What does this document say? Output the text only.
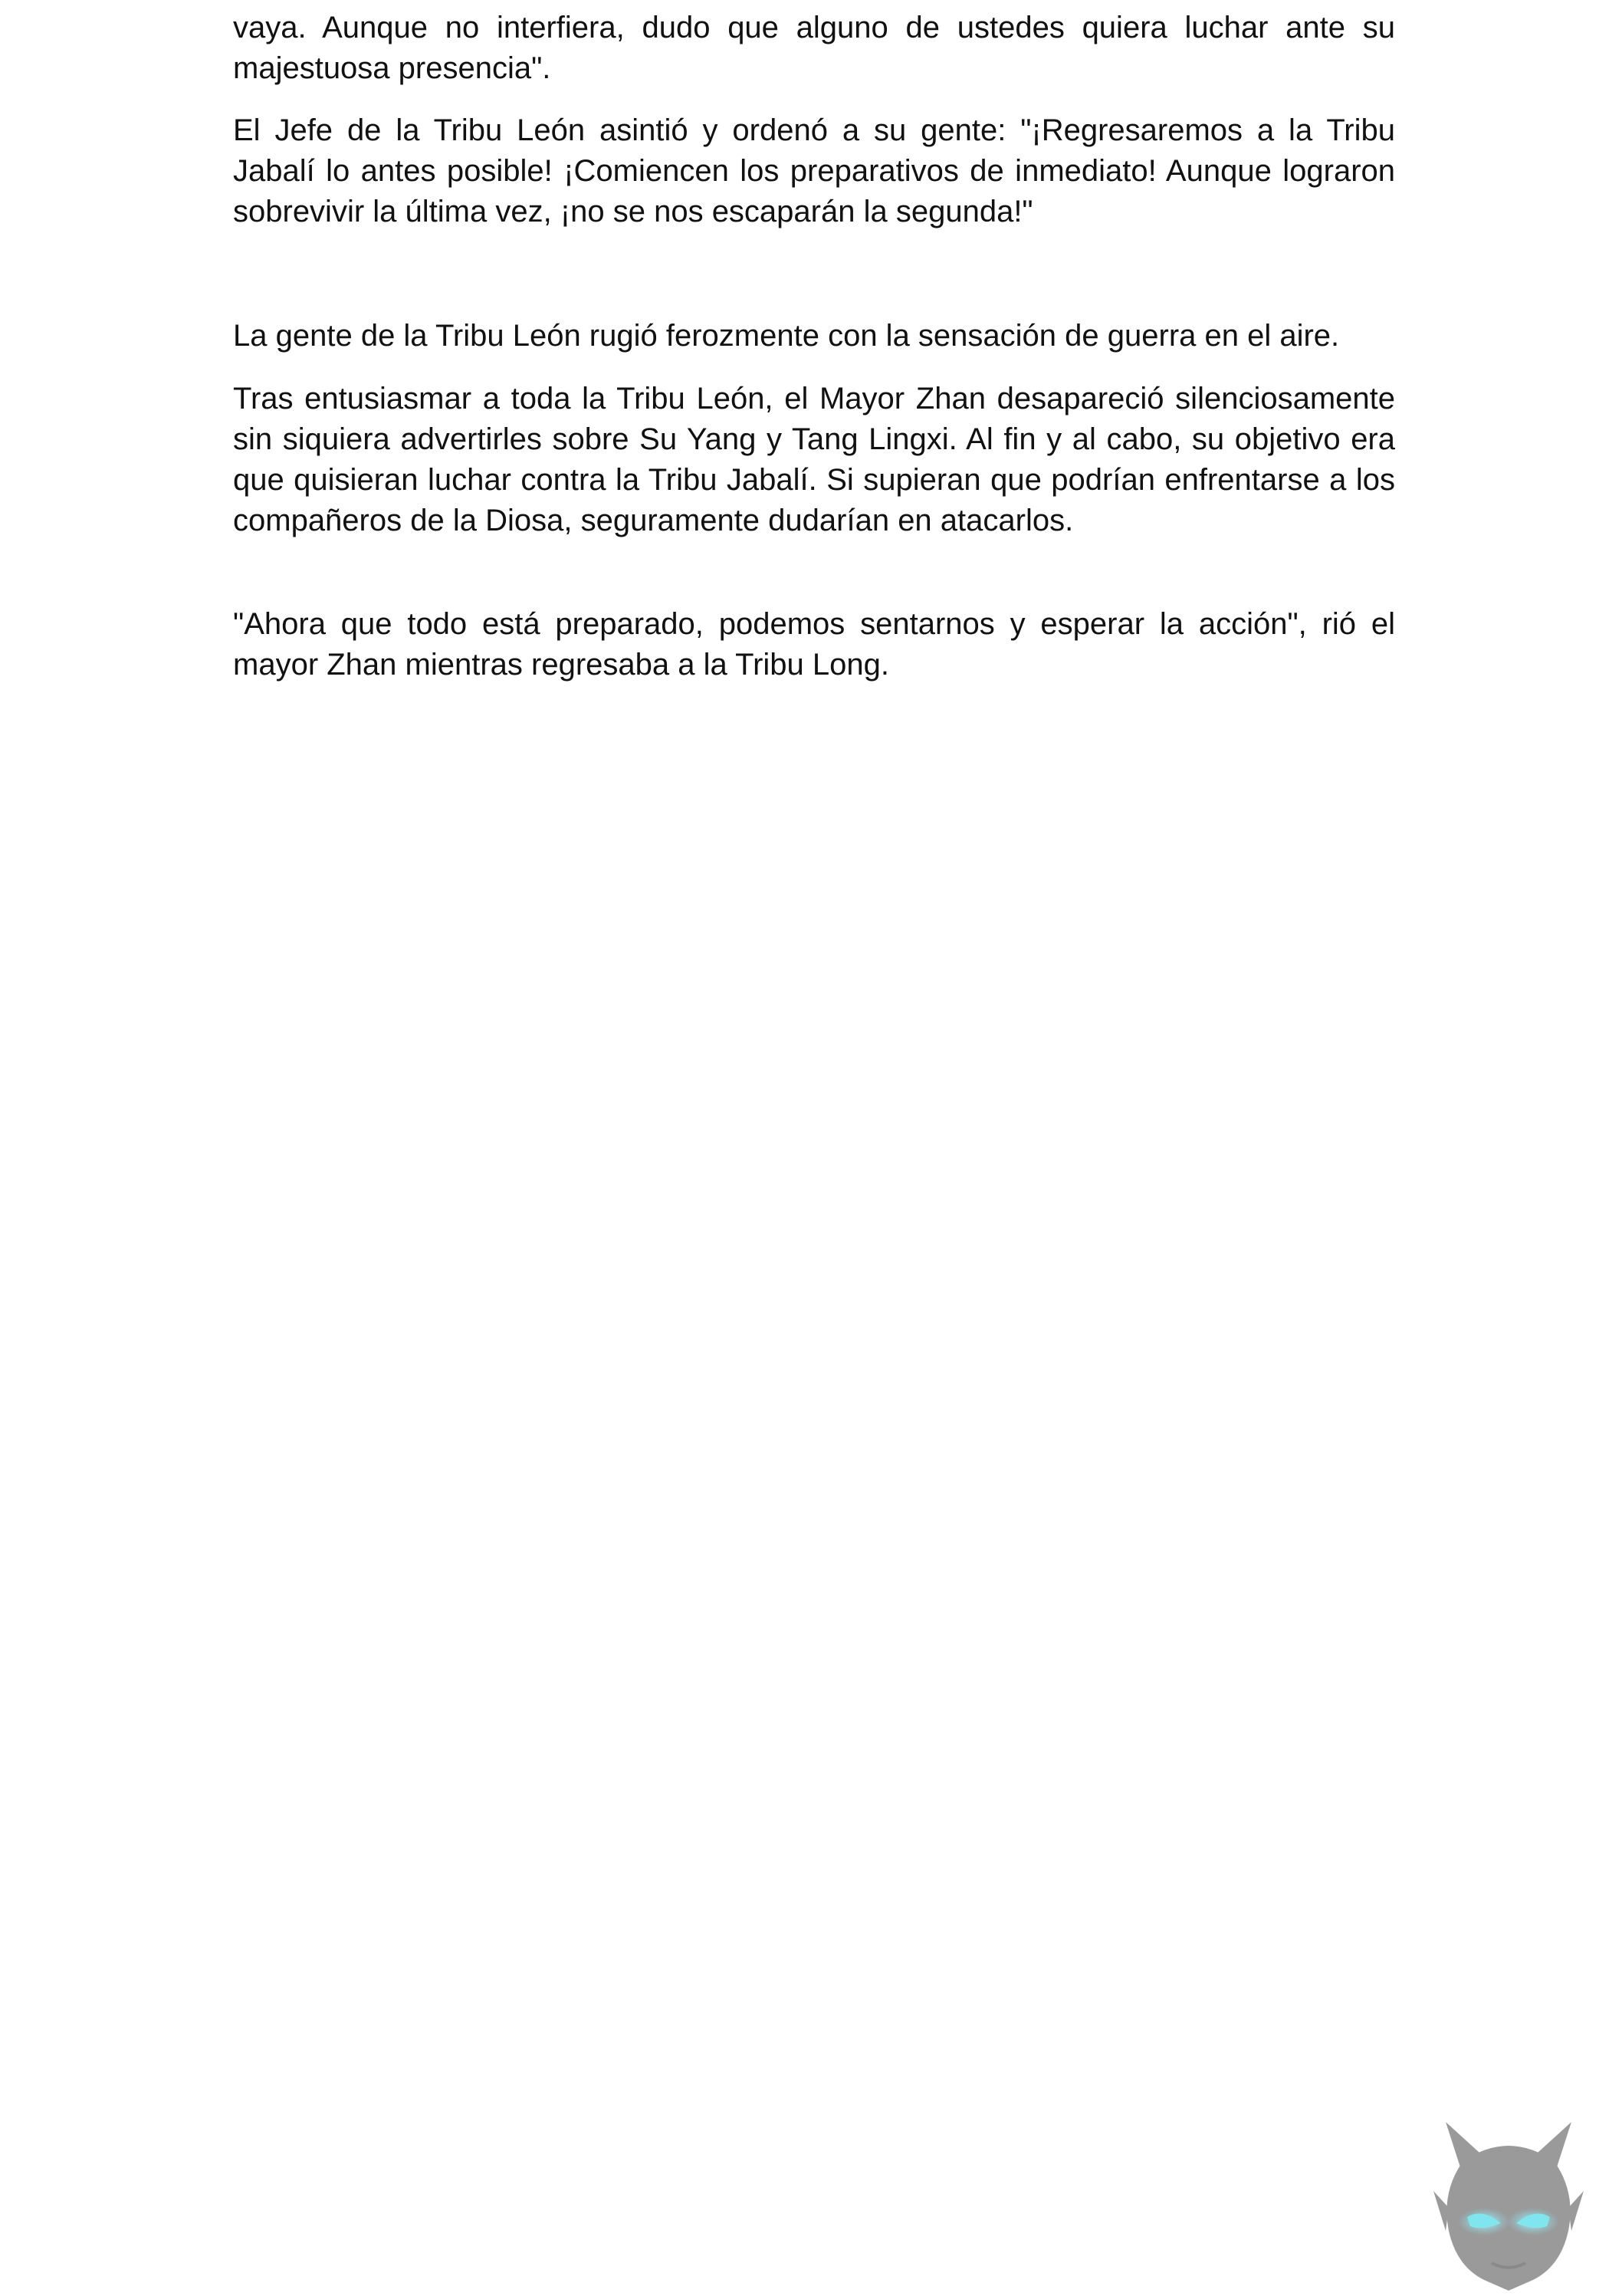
vaya. Aunque no interfiera, dudo que alguno de ustedes quiera luchar ante su majestuosa presencia".

El Jefe de la Tribu León asintió y ordenó a su gente: "¡Regresaremos a la Tribu Jabalí lo antes posible! ¡Comiencen los preparativos de inmediato! Aunque lograron sobrevivir la última vez, ¡no se nos escaparán la segunda!"

La gente de la Tribu León rugió ferozmente con la sensación de guerra en el aire.

Tras entusiasmar a toda la Tribu León, el Mayor Zhan desapareció silenciosamente sin siquiera advertirles sobre Su Yang y Tang Lingxi. Al fin y al cabo, su objetivo era que quisieran luchar contra la Tribu Jabalí. Si supieran que podrían enfrentarse a los compañeros de la Diosa, seguramente dudarían en atacarlos.

"Ahora que todo está preparado, podemos sentarnos y esperar la acción", rió el mayor Zhan mientras regresaba a la Tribu Long.
